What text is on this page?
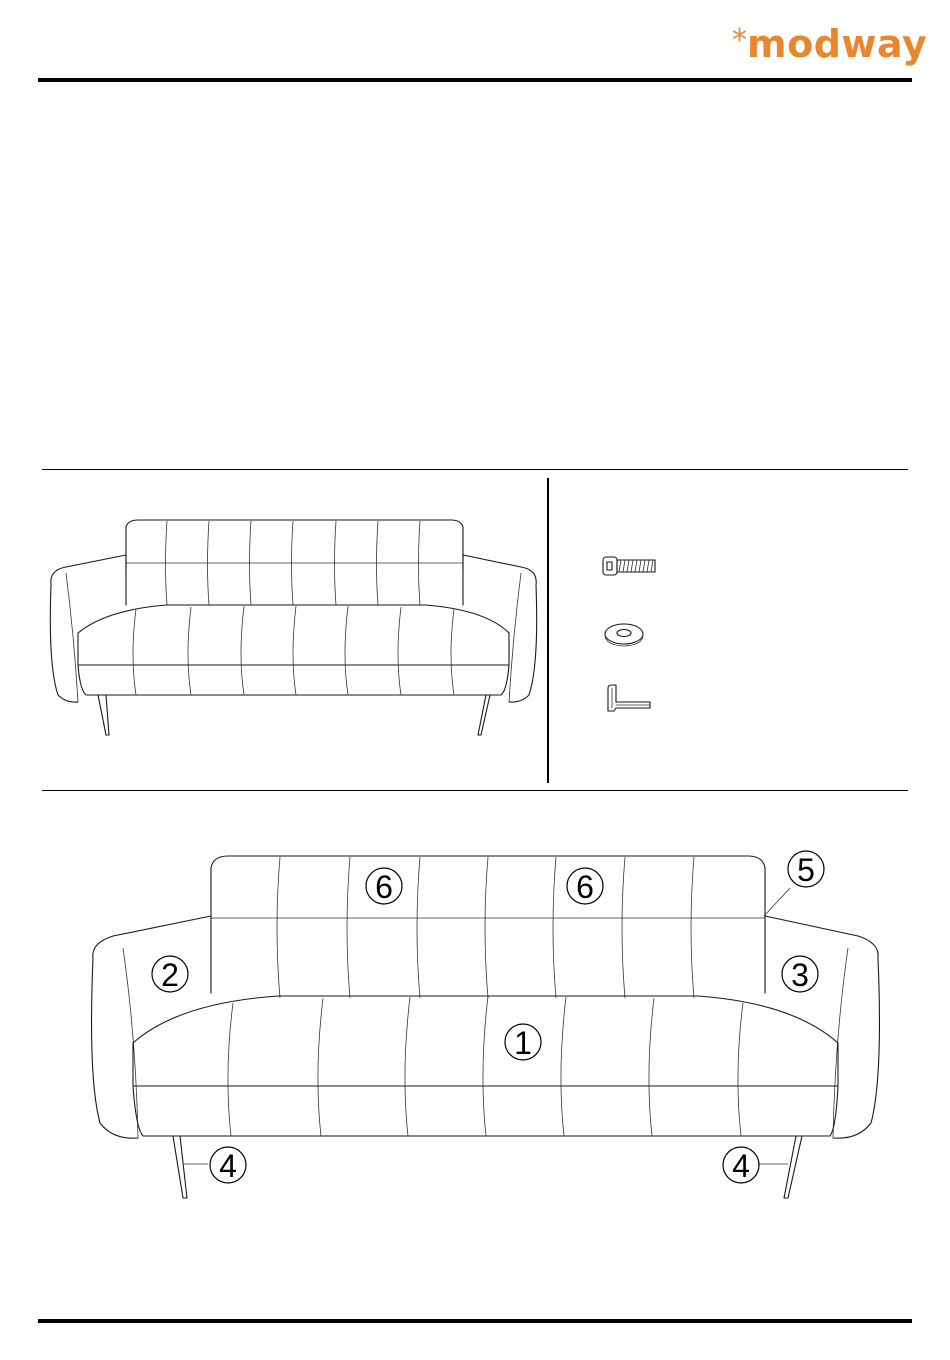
* modway
1
2	3
4	4
5
6	6
